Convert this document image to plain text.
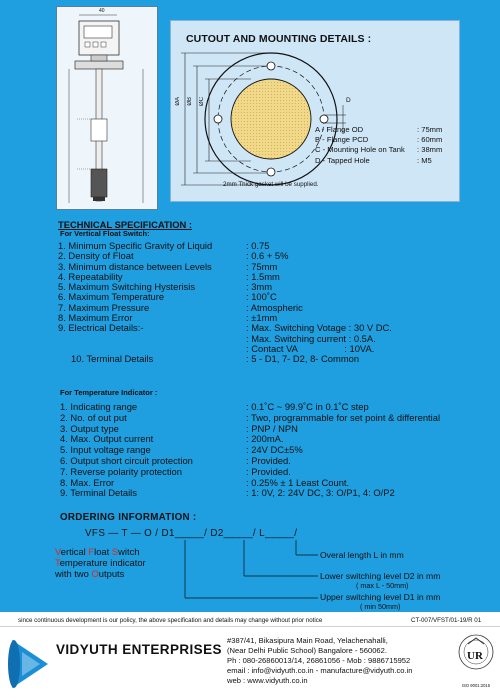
40
CUTOUT AND MOUNTING DETAILS :
ØA ØB ØC	D
A - Flange OD	: 75mm
B - Flange PCD	: 60mm
C - Mounting Hole on Tank	: 38mm
D - Tapped Hole	: M5
2mm Thick gasket will be supplied.
TECHNICAL SPECIFICATION :
For Vertical Float Switch:
1. Minimum Specific Gravity of Liquid	: 0.75
2. Density of Float	: 0.6 + 5%
3. Minimum distance between Levels	: 75mm
4. Repeatability	: 1.5mm
5. Maximum Switching Hysterisis	: 3mm
6. Maximum Temperature	: 100˚C
7. Maximum Pressure	: Atmospheric
8. Maximum Error	: ±1mm
9. Electrical Details:-	: Max. Switching Votage : 30 V DC.
: Max. Switching current : 0.5A.
: Contact VA                  : 10VA.
10. Terminal Details	: 5 - D1, 7- D2, 8- Common
For Temperature Indicator :
1. Indicating range	: 0.1˚C ~ 99.9˚C in 0.1˚C step
2. No. of out put	: Two, programmable for set point & differential
3. Output type	: PNP / NPN
4. Max. Output current	: 200mA.
5. Input voltage range	: 24V DC±5%
6. Output short circuit protection	: Provided.
7. Reverse polarity protection	: Provided.
8. Max. Error	: 0.25% ± 1 Least Count.
9. Terminal Details	: 1: 0V, 2: 24V DC, 3: O/P1, 4: O/P2
ORDERING INFORMATION :
VFS — T — O / D1_____/ D2_____/ L_____/
Vertical Float Switch
Temperature indicator
with two Outputs
Overal length L in mm
Lower switching level D2 in mm
( max L - 50mm)
Upper switching level D1 in mm
( min 50mm)
since continuous development is our policy, the above specification and details may change without prior notice	CT-007/VFST/01-19/R 01
VIDYUTH ENTERPRISES
#387/41, Bikasipura Main Road, Yelachenahalli,
(Near Delhi Public School) Bangalore - 560062.
Ph : 080-26860013/14, 26861056 - Mob : 9886715952
email : info@vidyuth.co.in - manufacture@vidyuth.co.in
web : www.vidyuth.co.in
UR
ISO 9001:2015
